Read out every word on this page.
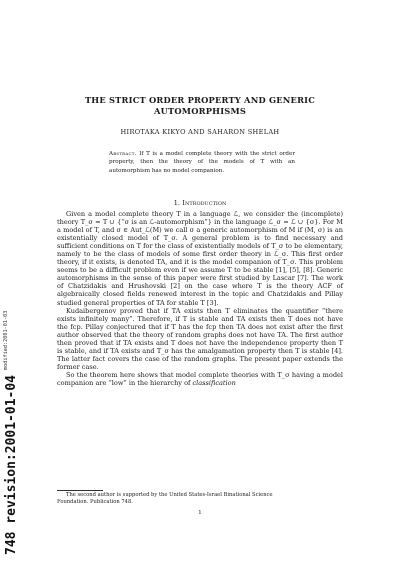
modified:2001-01-03
748 revision:2001-01-04
THE STRICT ORDER PROPERTY AND GENERIC AUTOMORPHISMS
HIROTAKA KIKYO AND SAHARON SHELAH
Abstract. If T is a model complete theory with the strict order property, then the theory of the models of T with an automorphism has no model companion.
1. Introduction

Given a model complete theory T in a language ℒ, we consider the (incomplete) theory T_σ = T ∪ {“σ is an ℒ-automorphism”} in the language ℒ_σ = ℒ ∪ {σ}. For M a model of T, and σ ∈ Aut_ℒ(M) we call σ a generic automorphism of M if (M, σ) is an existentially closed model of T_σ. A general problem is to find necessary and sufficient conditions on T for the class of existentially models of T_σ to be elementary, namely to be the class of models of some first order theory in ℒ_σ. This first order theory, if it exists, is denoted TA, and it is the model companion of T_σ. This problem seems to be a difficult problem even if we assume T to be stable [1], [5], [8]. Generic automorphisms in the sense of this paper were first studied by Lascar [7]. The work of Chatzidakis and Hrushovski [2] on the case where T is the theory ACF of algebraically closed fields renewed interest in the topic and Chatzidakis and Pillay studied general properties of TA for stable T [3].

Kudaibergenov proved that if TA exists then T eliminates the quantifier “there exists infinitely many”. Therefore, if T is stable and TA exists then T does not have the fcp. Pillay conjectured that if T has the fcp then TA does not exist after the first author observed that the theory of random graphs does not have TA. The first author then proved that if TA exists and T does not have the independence property then T is stable, and if TA exists and T_σ has the amalgamation property then T is stable [4]. The latter fact covers the case of the random graphs. The present paper extends the former case.

So the theorem here shows that model complete theories with T_σ having a model companion are “low” in the hierarchy of classification

The second author is supported by the United States-Israel Binational Science
Foundation. Publication 748.
1
